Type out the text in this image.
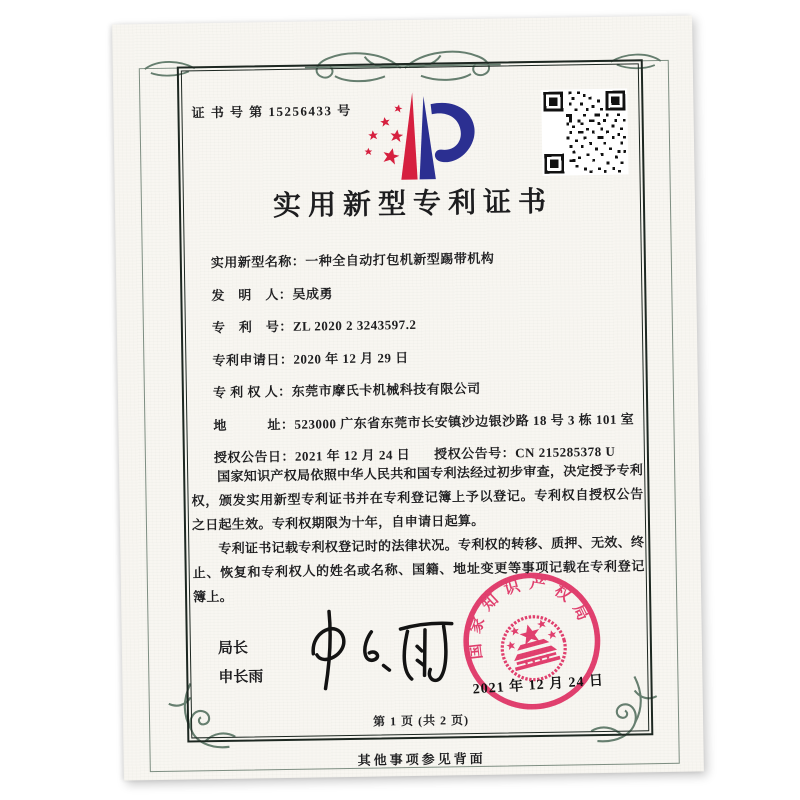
证 书 号 第 15256433 号
实用新型专利证书
实用新型名称：一种全自动打包机新型踢带机构
发　明　人：吴成勇
专　利　号：ZL 2020 2 3243597.2
专利申请日：2020 年 12 月 29 日
专 利 权 人：东莞市摩氏卡机械科技有限公司
地　　　址：523000 广东省东莞市长安镇沙边银沙路 18 号 3 栋 101 室
授权公告日：2021 年 12 月 24 日 授权公告号：CN 215285378 U

国家知识产权局依照中华人民共和国专利法经过初步审查，决定授予专利权，颁发实用新型专利证书并在专利登记簿上予以登记。专利权自授权公告之日起生效。专利权期限为十年，自申请日起算。

专利证书记载专利权登记时的法律状况。专利权的转移、质押、无效、终止、恢复和专利权人的姓名或名称、国籍、地址变更等事项记载在专利登记簿上。

局长
申长雨
国家知识产权局
2021 年 12 月 24 日
第 1 页 (共 2 页)
其他事项参见背面
